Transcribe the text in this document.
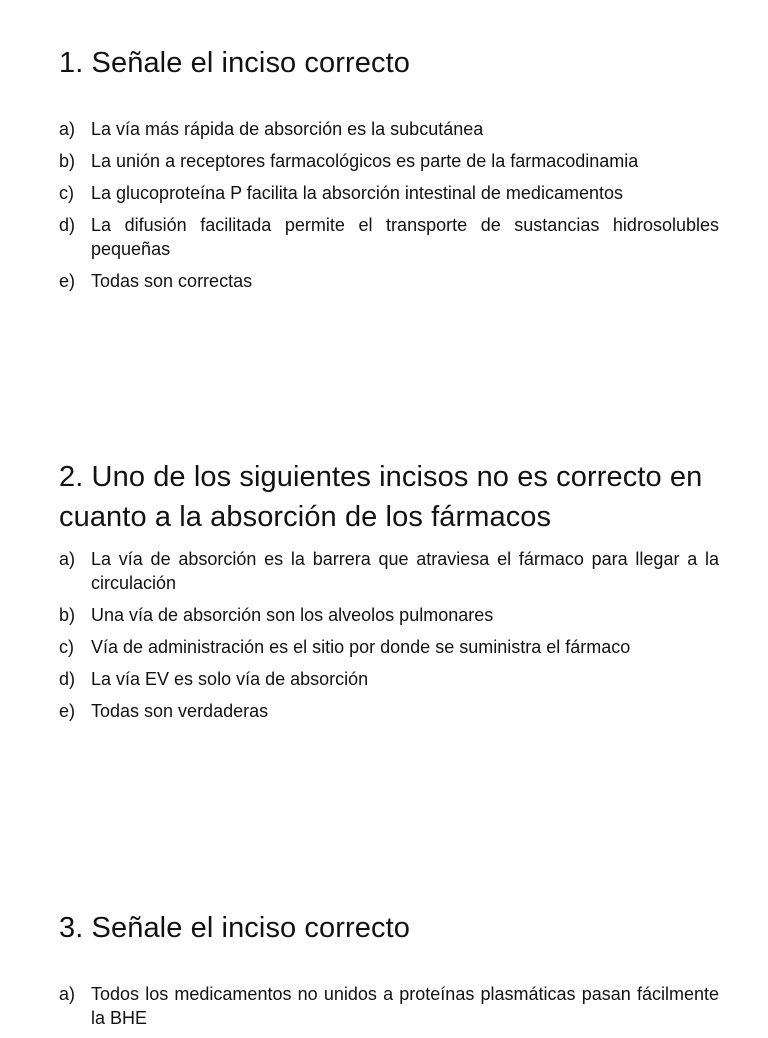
1. Señale el inciso correcto
a) La vía más rápida de absorción es la subcutánea
b) La unión a receptores farmacológicos es parte de la farmacodinamia
c) La glucoproteína P facilita la absorción intestinal de medicamentos
d) La difusión facilitada permite el transporte de sustancias hidrosolubles pequeñas
e) Todas son correctas
2. Uno de los siguientes incisos no es correcto en cuanto a la absorción de los fármacos
a) La vía de absorción es la barrera que atraviesa el fármaco para llegar a la circulación
b) Una vía de absorción son los alveolos pulmonares
c) Vía de administración es el sitio por donde se suministra el fármaco
d) La vía EV es solo vía de absorción
e) Todas son verdaderas
3. Señale el inciso correcto
a) Todos los medicamentos no unidos a proteínas plasmáticas pasan fácilmente la BHE
